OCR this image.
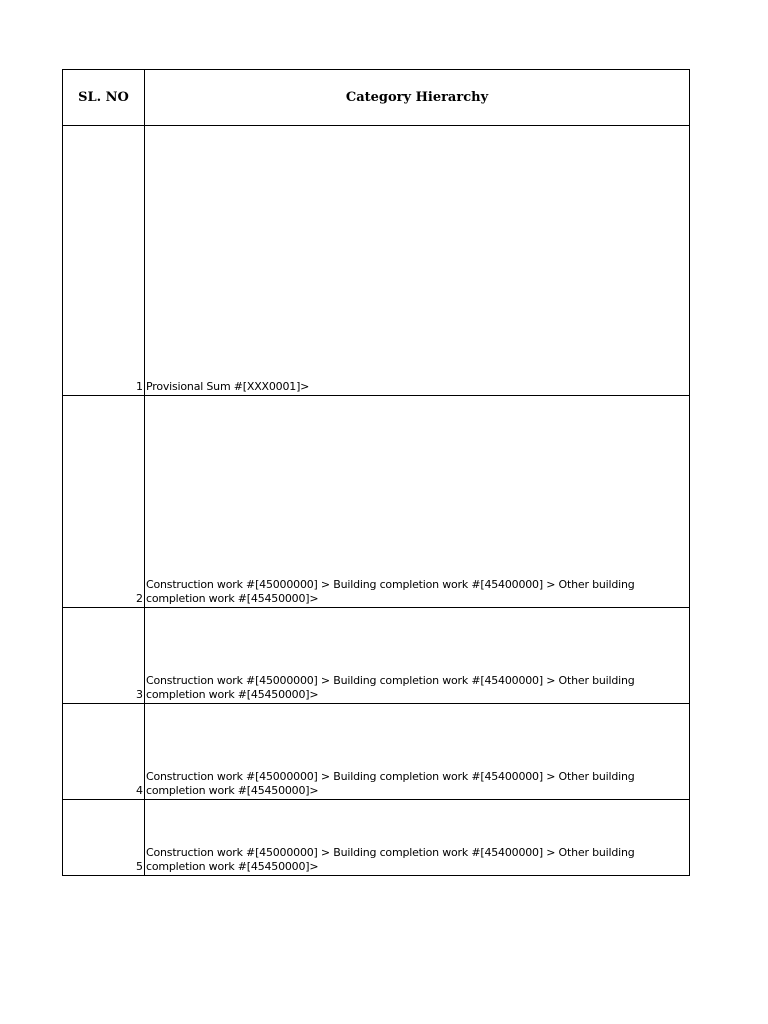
SL. NO	Category Hierarchy
1	Provisional Sum #[XXX0001]>
2	Construction work #[45000000] > Building completion work #[45400000] > Other building completion work #[45450000]>
3	Construction work #[45000000] > Building completion work #[45400000] > Other building completion work #[45450000]>
4	Construction work #[45000000] > Building completion work #[45400000] > Other building completion work #[45450000]>
5	Construction work #[45000000] > Building completion work #[45400000] > Other building completion work #[45450000]>
